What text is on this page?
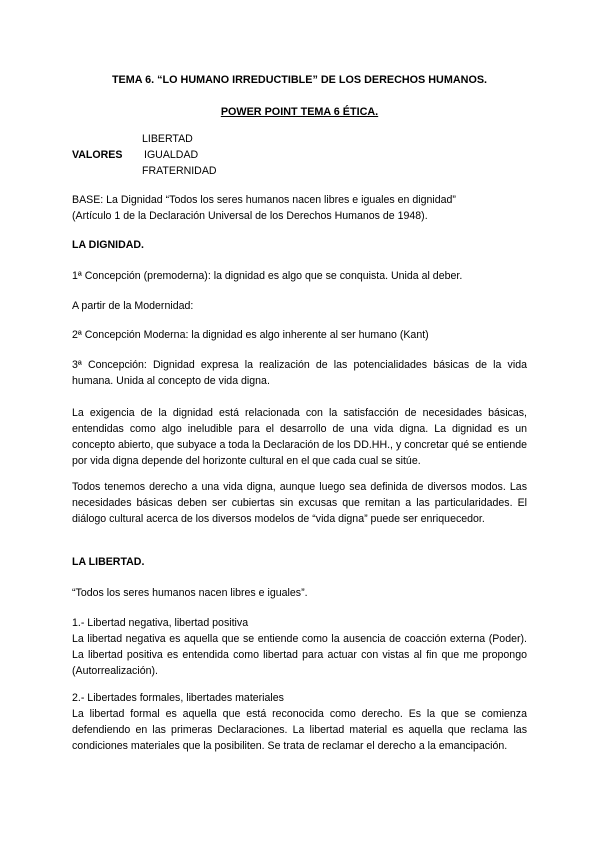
TEMA 6. “LO HUMANO IRREDUCTIBLE” DE LOS DERECHOS HUMANOS.
POWER POINT TEMA 6 ÉTICA.
VALORES
LIBERTAD
IGUALDAD
FRATERNIDAD
BASE: La Dignidad “Todos los seres humanos nacen libres e iguales en dignidad”
(Artículo 1 de la Declaración Universal de los Derechos Humanos de 1948).
LA DIGNIDAD.

1ª Concepción (premoderna): la dignidad es algo que se conquista. Unida al deber.

A partir de la Modernidad:

2ª Concepción Moderna: la dignidad es algo inherente al ser humano (Kant)

3ª Concepción: Dignidad expresa la realización de las potencialidades básicas de la vida humana. Unida al concepto de vida digna.

La exigencia de la dignidad está relacionada con la satisfacción de necesidades básicas, entendidas como algo ineludible para el desarrollo de una vida digna. La dignidad es un concepto abierto, que subyace a toda la Declaración de los DD.HH., y concretar qué se entiende por vida digna depende del horizonte cultural en el que cada cual se sitúe.

Todos tenemos derecho a una vida digna, aunque luego sea definida de diversos modos. Las necesidades básicas deben ser cubiertas sin excusas que remitan a las particularidades. El diálogo cultural acerca de los diversos modelos de “vida digna” puede ser enriquecedor.

LA LIBERTAD.

“Todos los seres humanos nacen libres e iguales”.

1.- Libertad negativa, libertad positiva

La libertad negativa es aquella que se entiende como la ausencia de coacción externa (Poder). La libertad positiva es entendida como libertad para actuar con vistas al fin que me propongo (Autorrealización).

2.- Libertades formales, libertades materiales

La libertad formal es aquella que está reconocida como derecho. Es la que se comienza defendiendo en las primeras Declaraciones. La libertad material es aquella que reclama las condiciones materiales que la posibiliten. Se trata de reclamar el derecho a la emancipación.
